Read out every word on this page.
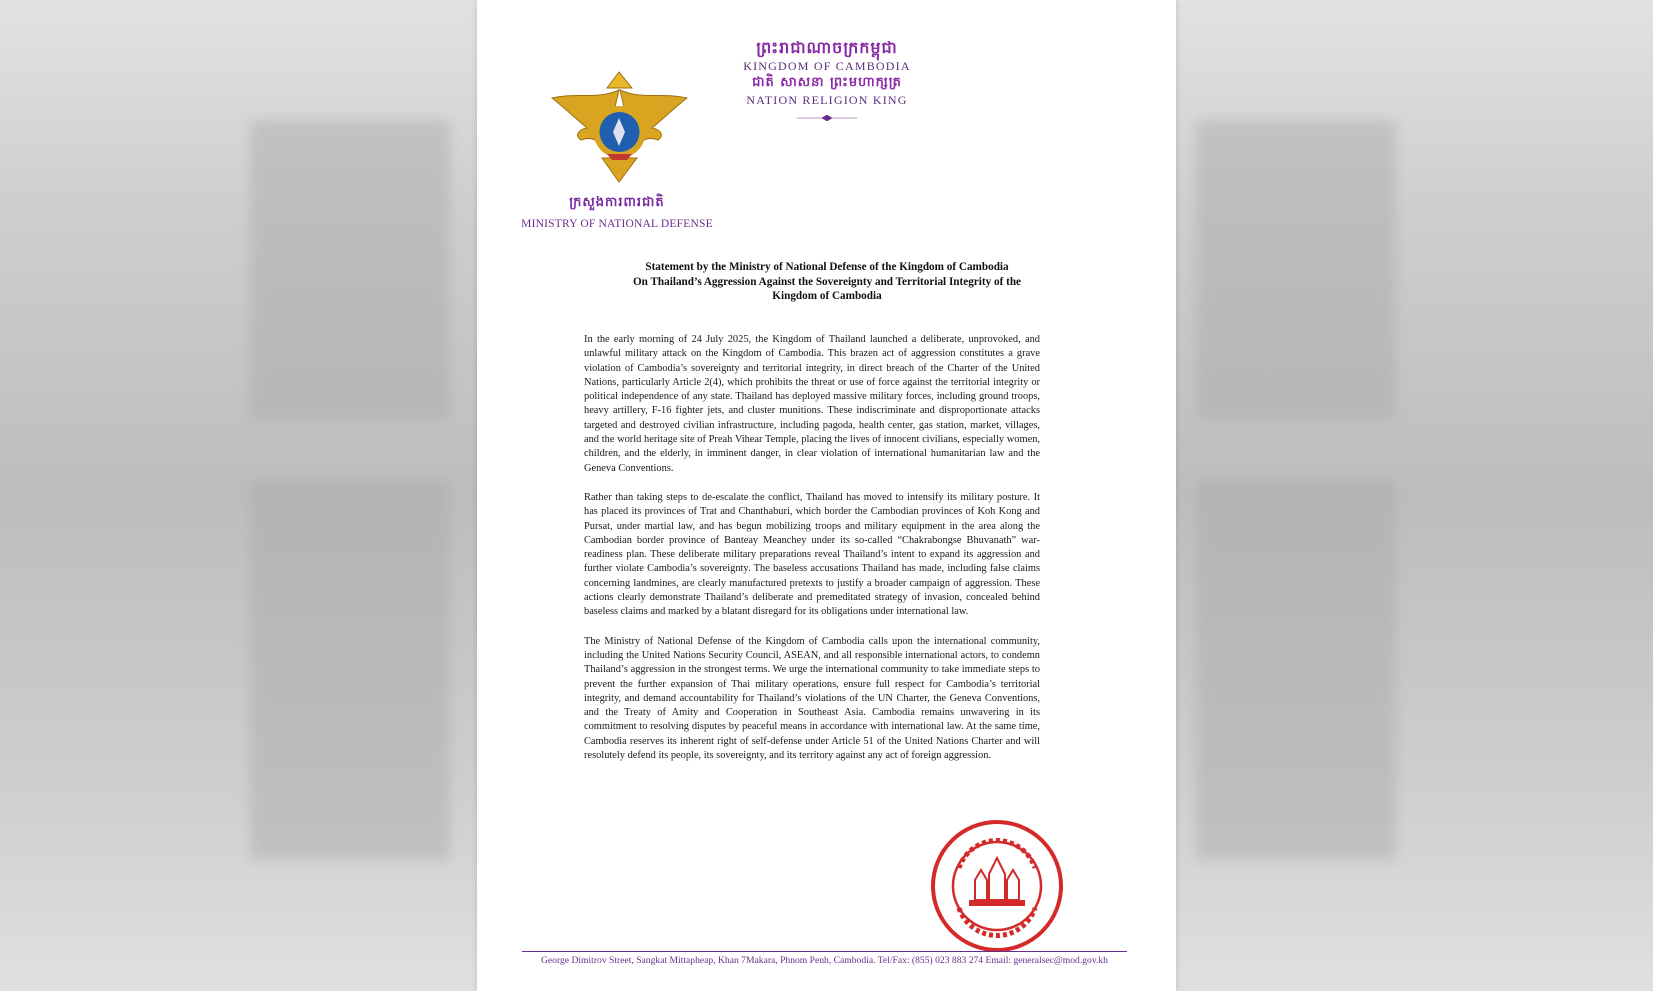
ក្រសួងការពារជាតិ
MINISTRY OF NATIONAL DEFENSE
ព្រះរាជាណាចក្រកម្ពុជា
KINGDOM OF CAMBODIA
ជាតិ សាសនា ព្រះមហាក្សត្រ
NATION RELIGION KING
Statement by the Ministry of National Defense of the Kingdom of Cambodia
On Thailand’s Aggression Against the Sovereignty and Territorial Integrity of the
Kingdom of Cambodia

In the early morning of 24 July 2025, the Kingdom of Thailand launched a deliberate, unprovoked, and unlawful military attack on the Kingdom of Cambodia. This brazen act of aggression constitutes a grave violation of Cambodia’s sovereignty and territorial integrity, in direct breach of the Charter of the United Nations, particularly Article 2(4), which prohibits the threat or use of force against the territorial integrity or political independence of any state. Thailand has deployed massive military forces, including ground troops, heavy artillery, F-16 fighter jets, and cluster munitions. These indiscriminate and disproportionate attacks targeted and destroyed civilian infrastructure, including pagoda, health center, gas station, market, villages, and the world heritage site of Preah Vihear Temple, placing the lives of innocent civilians, especially women, children, and the elderly, in imminent danger, in clear violation of international humanitarian law and the Geneva Conventions.

Rather than taking steps to de-escalate the conflict, Thailand has moved to intensify its military posture. It has placed its provinces of Trat and Chanthaburi, which border the Cambodian provinces of Koh Kong and Pursat, under martial law, and has begun mobilizing troops and military equipment in the area along the Cambodian border province of Banteay Meanchey under its so-called “Chakrabongse Bhuvanath” war-readiness plan. These deliberate military preparations reveal Thailand’s intent to expand its aggression and further violate Cambodia’s sovereignty. The baseless accusations Thailand has made, including false claims concerning landmines, are clearly manufactured pretexts to justify a broader campaign of aggression. These actions clearly demonstrate Thailand’s deliberate and premeditated strategy of invasion, concealed behind baseless claims and marked by a blatant disregard for its obligations under international law.

The Ministry of National Defense of the Kingdom of Cambodia calls upon the international community, including the United Nations Security Council, ASEAN, and all responsible international actors, to condemn Thailand’s aggression in the strongest terms. We urge the international community to take immediate steps to prevent the further expansion of Thai military operations, ensure full respect for Cambodia’s territorial integrity, and demand accountability for Thailand’s violations of the UN Charter, the Geneva Conventions, and the Treaty of Amity and Cooperation in Southeast Asia. Cambodia remains unwavering in its commitment to resolving disputes by peaceful means in accordance with international law. At the same time, Cambodia reserves its inherent right of self-defense under Article 51 of the United Nations Charter and will resolutely defend its people, its sovereignty, and its territory against any act of foreign aggression.

George Dimitrov Street, Sangkat Mittapheap, Khan 7Makara, Phnom Penh, Cambodia. Tel/Fax: (855) 023 883 274 Email: generalsec@mod.gov.kh
